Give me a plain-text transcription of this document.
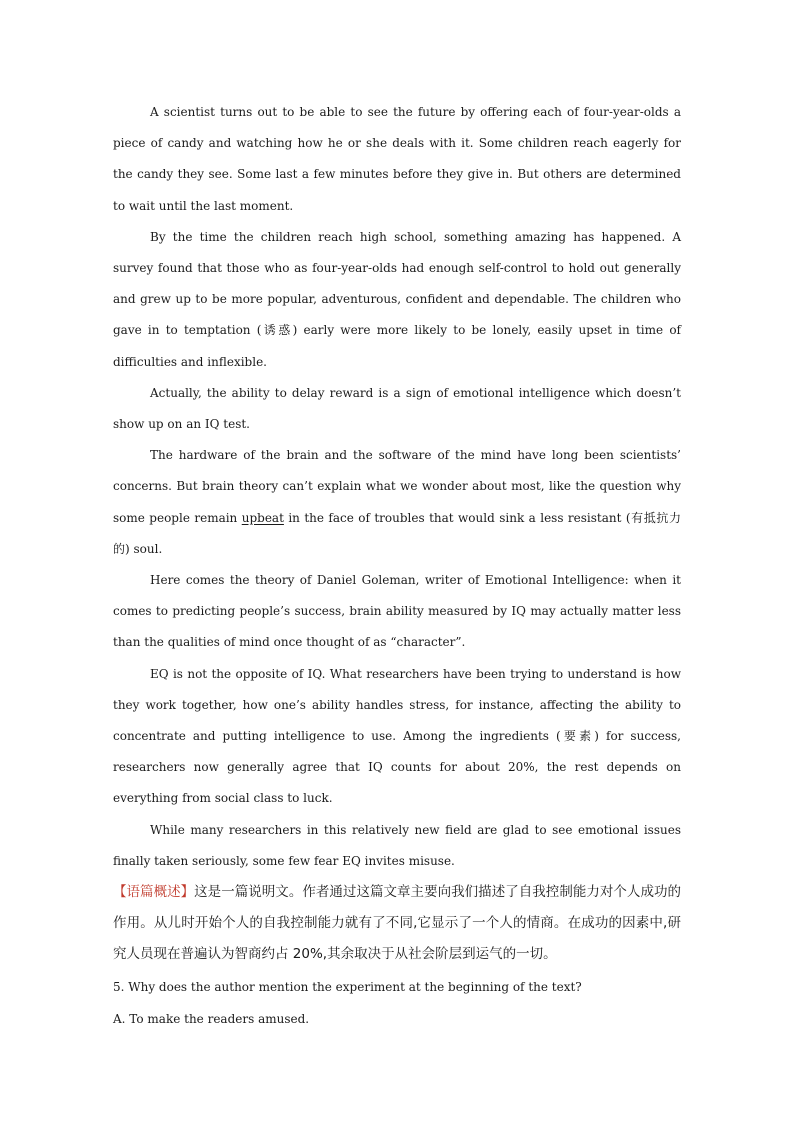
A scientist turns out to be able to see the future by offering each of four-year-olds a piece of candy and watching how he or she deals with it. Some children reach eagerly for the candy they see. Some last a few minutes before they give in. But others are determined to wait until the last moment.

By the time the children reach high school, something amazing has happened. A survey found that those who as four-year-olds had enough self-control to hold out generally and grew up to be more popular, adventurous, confident and dependable. The children who gave in to temptation (诱惑) early were more likely to be lonely, easily upset in time of difficulties and inflexible.

Actually, the ability to delay reward is a sign of emotional intelligence which doesn’t show up on an IQ test.

The hardware of the brain and the software of the mind have long been scientists’ concerns. But brain theory can’t explain what we wonder about most, like the question why some people remain upbeat in the face of troubles that would sink a less resistant (有抵抗力的) soul.

Here comes the theory of Daniel Goleman, writer of Emotional Intelligence: when it comes to predicting people’s success, brain ability measured by IQ may actually matter less than the qualities of mind once thought of as “character”.

EQ is not the opposite of IQ. What researchers have been trying to understand is how they work together, how one’s ability handles stress, for instance, affecting the ability to concentrate and putting intelligence to use. Among the ingredients (要素) for success, researchers now generally agree that IQ counts for about 20%, the rest depends on everything from social class to luck.

While many researchers in this relatively new field are glad to see emotional issues finally taken seriously, some few fear EQ invites misuse.

【语篇概述】这是一篇说明文。作者通过这篇文章主要向我们描述了自我控制能力对个人成功的作用。从儿时开始个人的自我控制能力就有了不同,它显示了一个人的情商。在成功的因素中,研究人员现在普遍认为智商约占 20%,其余取决于从社会阶层到运气的一切。

5. Why does the author mention the experiment at the beginning of the text?

A. To make the readers amused.
